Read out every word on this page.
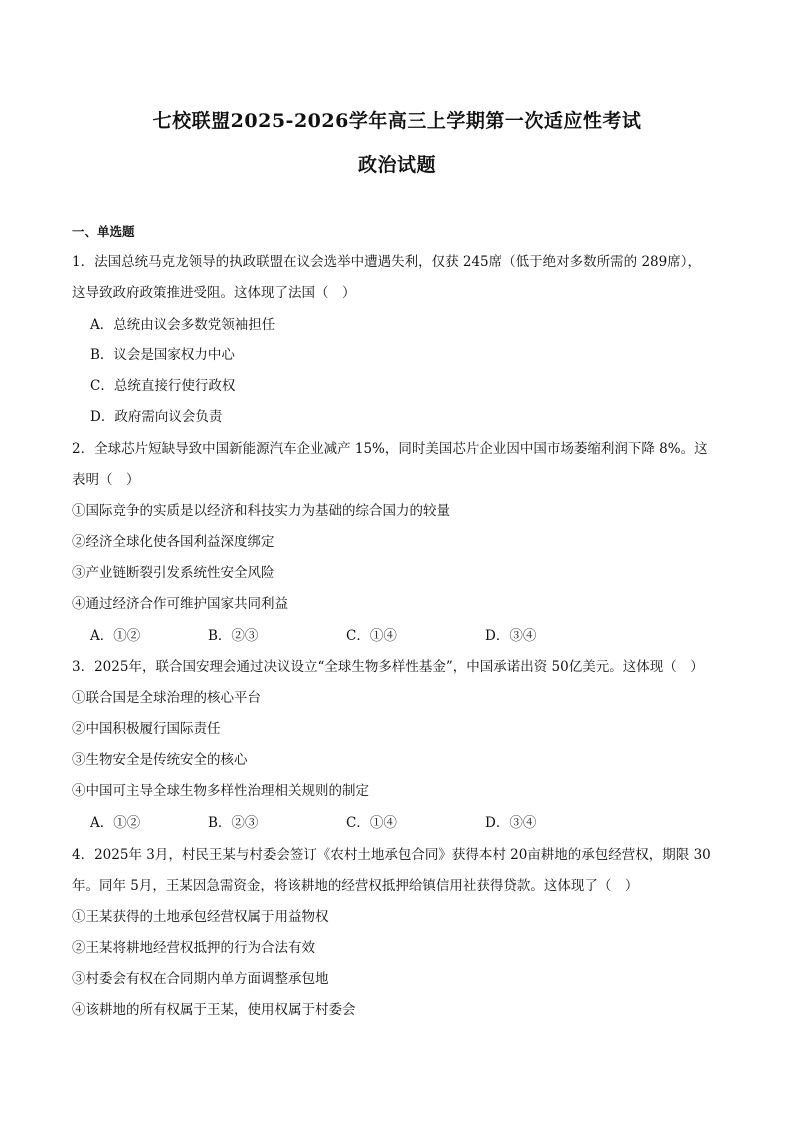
七校联盟2025-2026学年高三上学期第一次适应性考试
政治试题
一、单选题
1．法国总统马克龙领导的执政联盟在议会选举中遭遇失利，仅获 245席（低于绝对多数所需的 289席），
这导致政府政策推进受阻。这体现了法国（　）
A．总统由议会多数党领袖担任
B．议会是国家权力中心
C．总统直接行使行政权
D．政府需向议会负责
2．全球芯片短缺导致中国新能源汽车企业减产 15%，同时美国芯片企业因中国市场萎缩利润下降 8%。这
表明（　）
①国际竞争的实质是以经济和科技实力为基础的综合国力的较量
②经济全球化使各国利益深度绑定
③产业链断裂引发系统性安全风险
④通过经济合作可维护国家共同利益
A．①②	B．②③	C．①④	D．③④
3．2025年，联合国安理会通过决议设立“全球生物多样性基金”，中国承诺出资 50亿美元。这体现（　）
①联合国是全球治理的核心平台
②中国积极履行国际责任
③生物安全是传统安全的核心
④中国可主导全球生物多样性治理相关规则的制定
A．①②	B．②③	C．①④	D．③④
4．2025年 3月，村民王某与村委会签订《农村土地承包合同》获得本村 20亩耕地的承包经营权，期限 30
年。同年 5月，王某因急需资金，将该耕地的经营权抵押给镇信用社获得贷款。这体现了（　）
①王某获得的土地承包经营权属于用益物权
②王某将耕地经营权抵押的行为合法有效
③村委会有权在合同期内单方面调整承包地
④该耕地的所有权属于王某，使用权属于村委会
